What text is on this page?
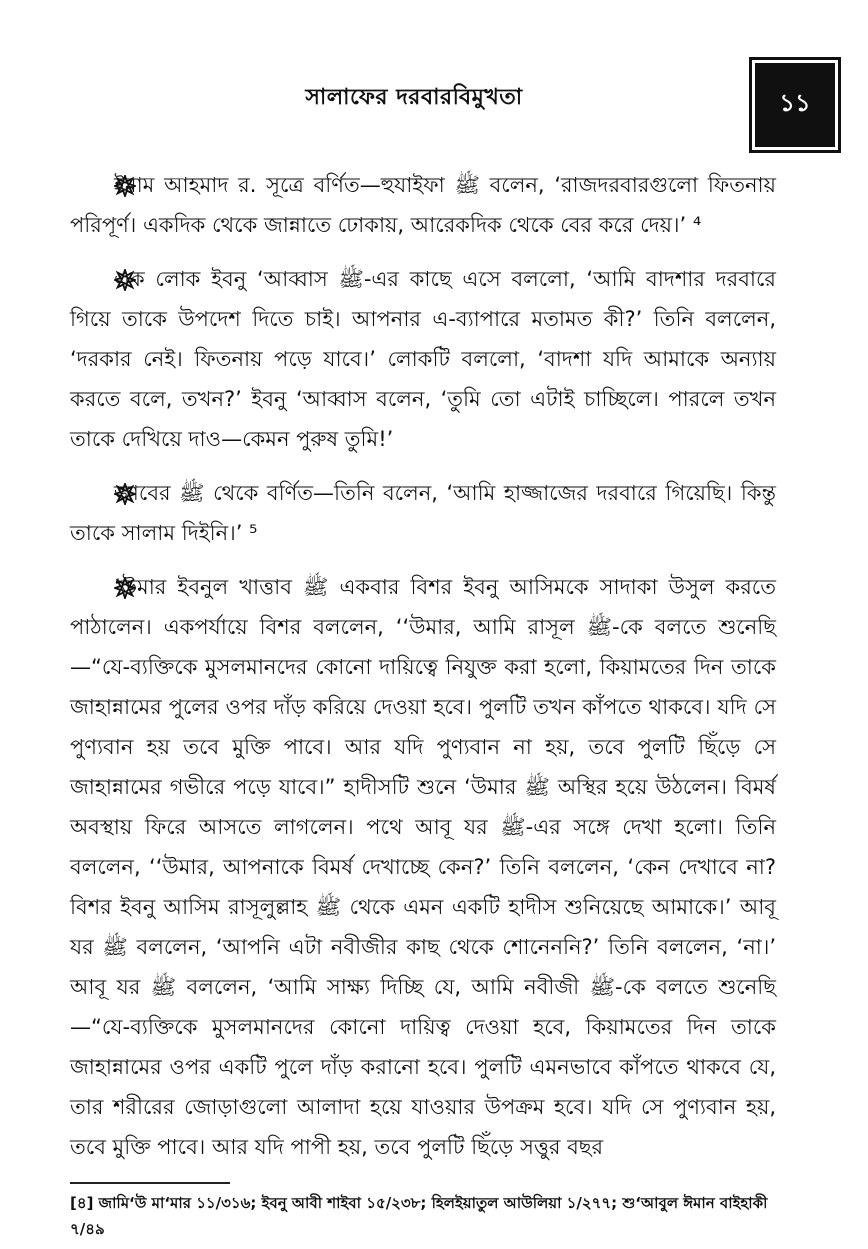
সালাফের দরবারবিমুখতা	১১

ইমাম আহমাদ র. সূত্রে বর্ণিত—হুযাইফা ﷺ বলেন, ‘রাজদরবারগুলো ফিতনায় পরিপূর্ণ। একদিক থেকে জান্নাতে ঢোকায়, আরেকদিক থেকে বের করে দেয়।’ ⁴

এক লোক ইবনু ‘আব্বাস ﷺ-এর কাছে এসে বললো, ‘আমি বাদশার দরবারে গিয়ে তাকে উপদেশ দিতে চাই। আপনার এ-ব্যাপারে মতামত কী?’ তিনি বললেন, ‘দরকার নেই। ফিতনায় পড়ে যাবে।’ লোকটি বললো, ‘বাদশা যদি আমাকে অন্যায় করতে বলে, তখন?’ ইবনু ‘আব্বাস বলেন, ‘তুমি তো এটাই চাচ্ছিলে। পারলে তখন তাকে দেখিয়ে দাও—কেমন পুরুষ তুমি!’

জাবের ﷺ থেকে বর্ণিত—তিনি বলেন, ‘আমি হাজ্জাজের দরবারে গিয়েছি। কিন্তু তাকে সালাম দিইনি।’ ⁵

‘উমার ইবনুল খাত্তাব ﷺ একবার বিশর ইবনু আসিমকে সাদাকা উসুল করতে পাঠালেন। একপর্যায়ে বিশর বললেন, ‘‘উমার, আমি রাসূল ﷺ-কে বলতে শুনেছি—“যে-ব্যক্তিকে মুসলমানদের কোনো দায়িত্বে নিযুক্ত করা হলো, কিয়ামতের দিন তাকে জাহান্নামের পুলের ওপর দাঁড় করিয়ে দেওয়া হবে। পুলটি তখন কাঁপতে থাকবে। যদি সে পুণ্যবান হয় তবে মুক্তি পাবে। আর যদি পুণ্যবান না হয়, তবে পুলটি ছিঁড়ে সে জাহান্নামের গভীরে পড়ে যাবে।” হাদীসটি শুনে ‘উমার ﷺ অস্থির হয়ে উঠলেন। বিমর্ষ অবস্থায় ফিরে আসতে লাগলেন। পথে আবূ যর ﷺ-এর সঙ্গে দেখা হলো। তিনি বললেন, ‘‘উমার, আপনাকে বিমর্ষ দেখাচ্ছে কেন?’ তিনি বললেন, ‘কেন দেখাবে না? বিশর ইবনু আসিম রাসূলুল্লাহ ﷺ থেকে এমন একটি হাদীস শুনিয়েছে আমাকে।’ আবূ যর ﷺ বললেন, ‘আপনি এটা নবীজীর কাছ থেকে শোনেননি?’ তিনি বললেন, ‘না।’ আবূ যর ﷺ বললেন, ‘আমি সাক্ষ্য দিচ্ছি যে, আমি নবীজী ﷺ-কে বলতে শুনেছি—“যে-ব্যক্তিকে মুসলমানদের কোনো দায়িত্ব দেওয়া হবে, কিয়ামতের দিন তাকে জাহান্নামের ওপর একটি পুলে দাঁড় করানো হবে। পুলটি এমনভাবে কাঁপতে থাকবে যে, তার শরীরের জোড়াগুলো আলাদা হয়ে যাওয়ার উপক্রম হবে। যদি সে পুণ্যবান হয়, তবে মুক্তি পাবে। আর যদি পাপী হয়, তবে পুলটি ছিঁড়ে সত্তুর বছর

[৪] জামি‘উ মা‘মার ১১/৩১৬; ইবনু আবী শাইবা ১৫/২৩৮; হিলইয়াতুল আউলিয়া ১/২৭৭; শু‘আবুল ঈমান বাইহাকী ৭/৪৯
